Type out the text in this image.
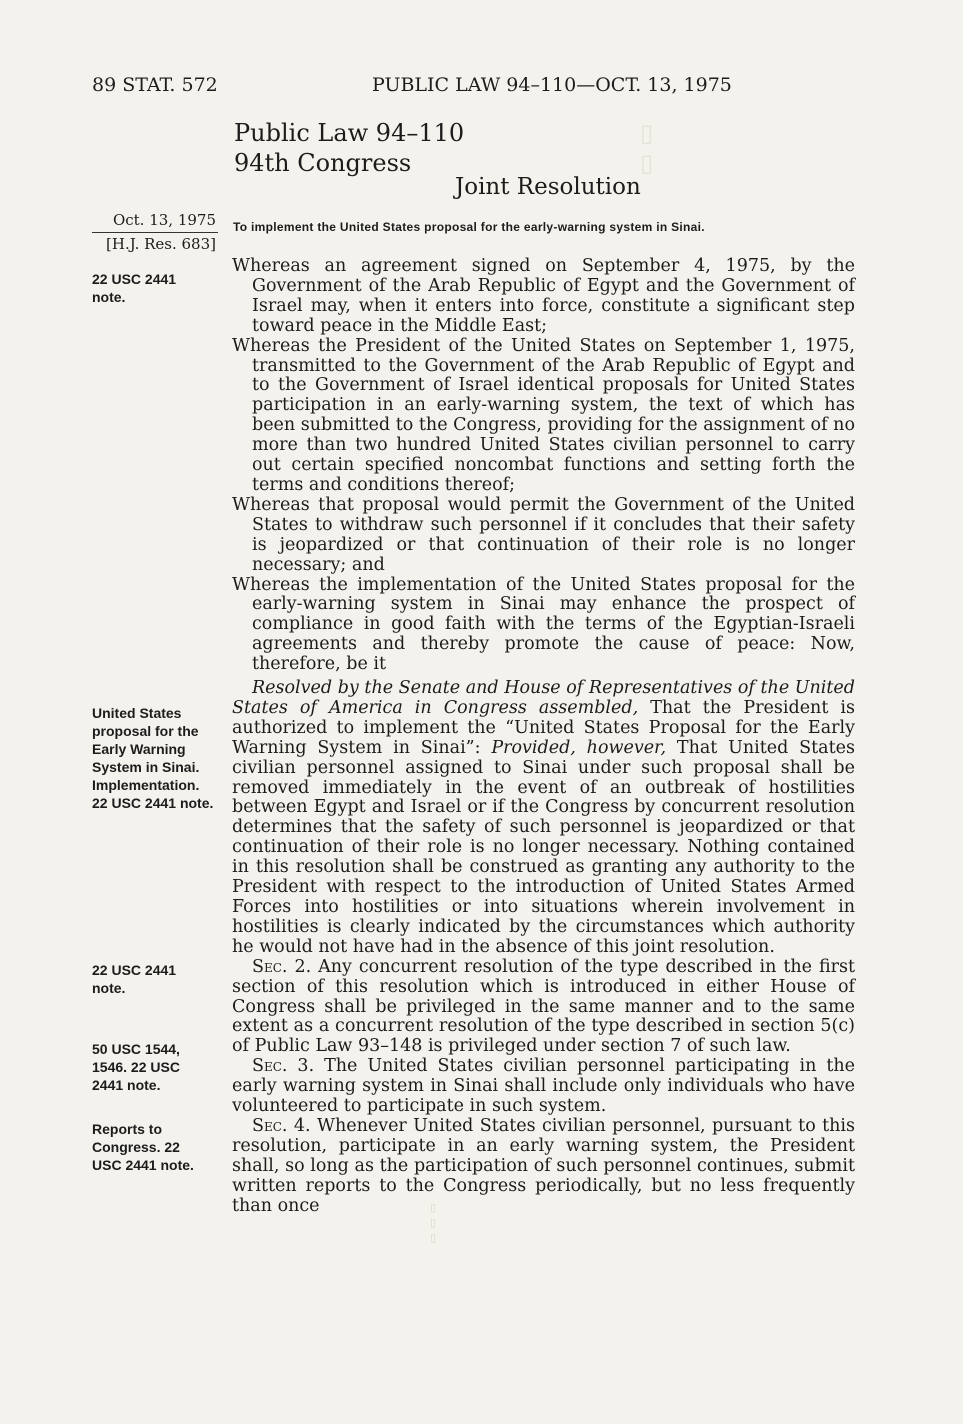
▯
▯
89 STAT. 572	PUBLIC LAW 94–110—OCT. 13, 1975
Public Law 94–110
94th Congress
Joint Resolution
Oct. 13, 1975
[H.J. Res. 683]
22 USC 2441 note.
United States proposal for the Early Warning System in Sinai. Implementation. 22 USC 2441 note.
22 USC 2441 note.
50 USC 1544, 1546. 22 USC 2441 note.
Reports to Congress. 22 USC 2441 note.
To implement the United States proposal for the early-warning system in Sinai.

Whereas an agreement signed on September 4, 1975, by the Government of the Arab Republic of Egypt and the Government of Israel may, when it enters into force, constitute a significant step toward peace in the Middle East;

Whereas the President of the United States on September 1, 1975, transmitted to the Government of the Arab Republic of Egypt and to the Government of Israel identical proposals for United States participation in an early-warning system, the text of which has been submitted to the Congress, providing for the assignment of no more than two hundred United States civilian personnel to carry out certain specified noncombat functions and setting forth the terms and conditions thereof;

Whereas that proposal would permit the Government of the United States to withdraw such personnel if it concludes that their safety is jeopardized or that continuation of their role is no longer necessary; and

Whereas the implementation of the United States proposal for the early-warning system in Sinai may enhance the prospect of compliance in good faith with the terms of the Egyptian-Israeli agreements and thereby promote the cause of peace: Now, therefore, be it

Resolved by the Senate and House of Representatives of the United States of America in Congress assembled, That the President is authorized to implement the “United States Proposal for the Early Warning System in Sinai”: Provided, however, That United States civilian personnel assigned to Sinai under such proposal shall be removed immediately in the event of an outbreak of hostilities between Egypt and Israel or if the Congress by concurrent resolution determines that the safety of such personnel is jeopardized or that continuation of their role is no longer necessary. Nothing contained in this resolution shall be construed as granting any authority to the President with respect to the introduction of United States Armed Forces into hostilities or into situations wherein involvement in hostilities is clearly indicated by the circumstances which authority he would not have had in the absence of this joint resolution.

Sec. 2. Any concurrent resolution of the type described in the first section of this resolution which is introduced in either House of Congress shall be privileged in the same manner and to the same extent as a concurrent resolution of the type described in section 5(c) of Public Law 93–148 is privileged under section 7 of such law.

Sec. 3. The United States civilian personnel participating in the early warning system in Sinai shall include only individuals who have volunteered to participate in such system.

Sec. 4. Whenever United States civilian personnel, pursuant to this resolution, participate in an early warning system, the President shall, so long as the participation of such personnel continues, submit written reports to the Congress periodically, but no less frequently than once	▯
▯
▯
